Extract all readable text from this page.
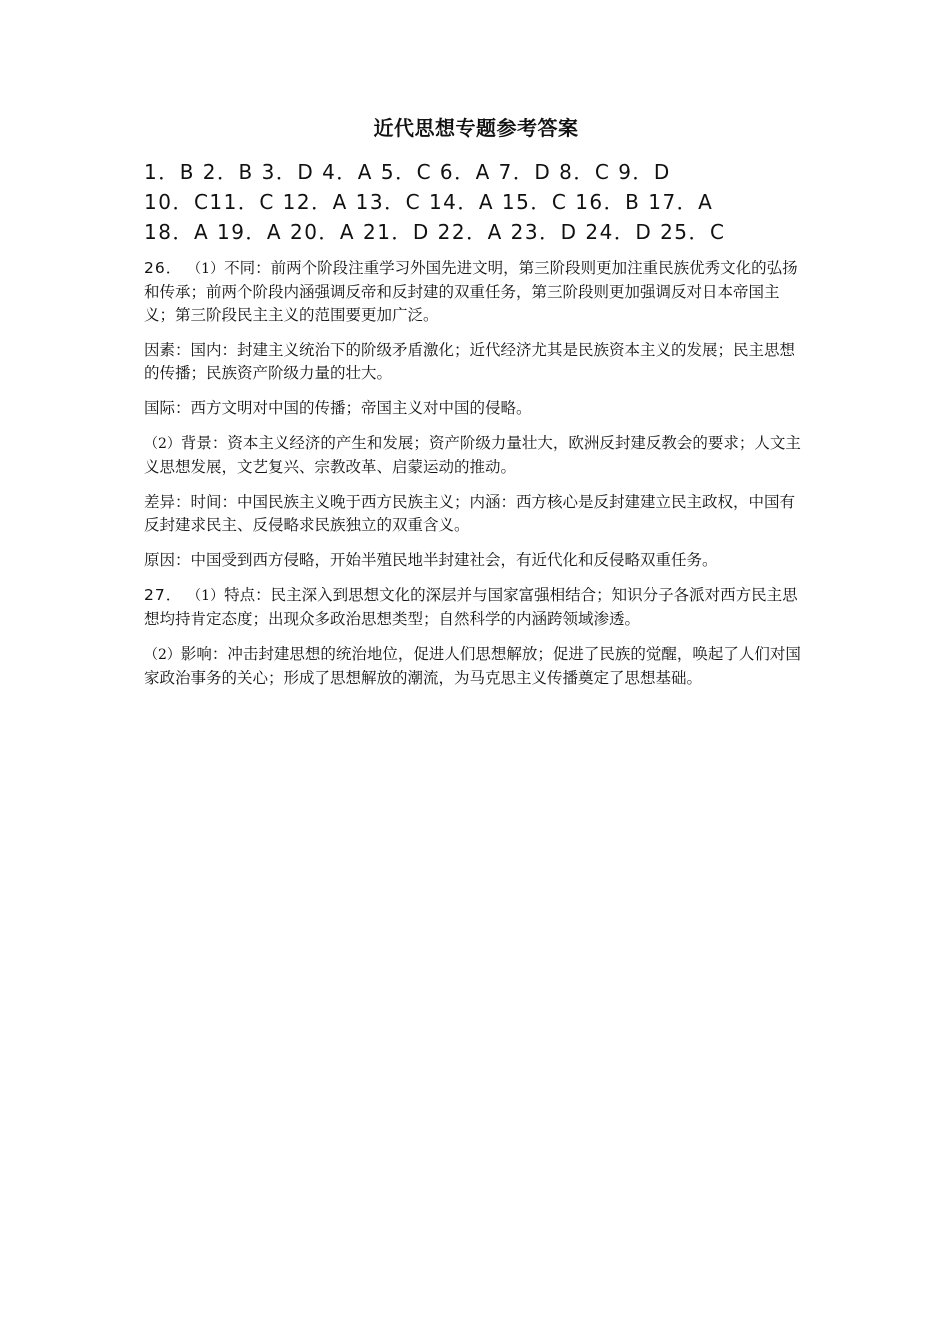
近代思想专题参考答案
1．B 2．B 3．D 4．A 5．C 6．A 7．D 8．C 9．D
10．C11．C 12．A 13．C 14．A 15．C 16．B 17．A
18．A 19．A 20．A 21．D 22．A 23．D 24．D 25．C

26． （1）不同：前两个阶段注重学习外国先进文明，第三阶段则更加注重民族优秀文化的弘扬和传承；前两个阶段内涵强调反帝和反封建的双重任务，第三阶段则更加强调反对日本帝国主义；第三阶段民主主义的范围要更加广泛。

因素：国内：封建主义统治下的阶级矛盾激化；近代经济尤其是民族资本主义的发展；民主思想的传播；民族资产阶级力量的壮大。

国际：西方文明对中国的传播；帝国主义对中国的侵略。

（2）背景：资本主义经济的产生和发展；资产阶级力量壮大，欧洲反封建反教会的要求；人文主义思想发展，文艺复兴、宗教改革、启蒙运动的推动。

差异：时间：中国民族主义晚于西方民族主义；内涵：西方核心是反封建建立民主政权，中国有反封建求民主、反侵略求民族独立的双重含义。

原因：中国受到西方侵略，开始半殖民地半封建社会，有近代化和反侵略双重任务。

27． （1）特点：民主深入到思想文化的深层并与国家富强相结合；知识分子各派对西方民主思想均持肯定态度；出现众多政治思想类型；自然科学的内涵跨领域渗透。

（2）影响：冲击封建思想的统治地位，促进人们思想解放；促进了民族的觉醒，唤起了人们对国家政治事务的关心；形成了思想解放的潮流，为马克思主义传播奠定了思想基础。
